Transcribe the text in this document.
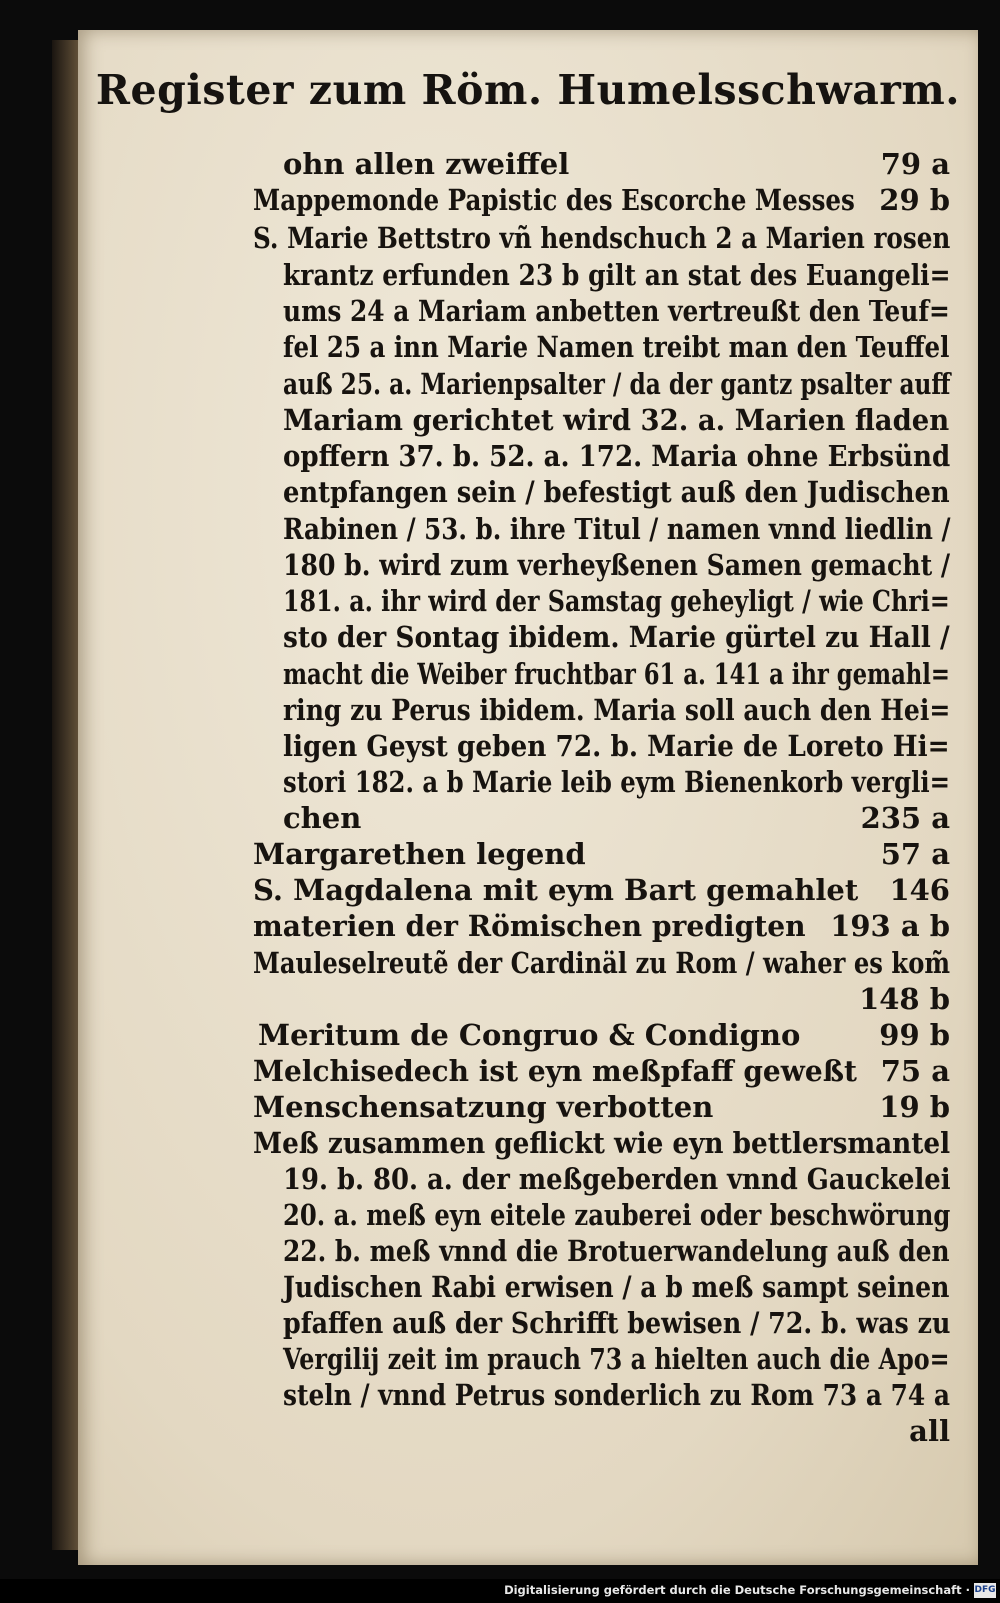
Register zum Röm. Humelsschwarm.
ohn allen zweiffel	79 a
Mappemonde Papistic des Escorche Messes 29 b
S. Marie Bettstro vñ hendschuch 2 a Marien rosen
krantz erfunden 23 b gilt an stat des Euangeli=
ums 24 a Mariam anbetten vertreußt den Teuf=
fel 25 a inn Marie Namen treibt man den Teuffel
auß 25. a. Marienpsalter / da der gantz psalter auff
Mariam gerichtet wird 32. a. Marien fladen
opffern 37. b. 52. a. 172. Maria ohne Erbsünd
entpfangen sein / befestigt auß den Judischen
Rabinen / 53. b. ihre Titul / namen vnnd liedlin /
180 b. wird zum verheyßenen Samen gemacht /
181. a. ihr wird der Samstag geheyligt / wie Chri=
sto der Sontag ibidem. Marie gürtel zu Hall /
macht die Weiber fruchtbar 61 a. 141 a ihr gemahl=
ring zu Perus ibidem. Maria soll auch den Hei=
ligen Geyst geben 72. b. Marie de Loreto Hi=
stori 182. a b Marie leib eym Bienenkorb vergli=
chen	235 a
Margarethen legend	57 a
S. Magdalena mit eym Bart gemahlet 146
materien der Römischen predigten 193 a b
Mauleselreutẽ der Cardinäl zu Rom / waher es kom̃
148 b
Meritum de Congruo & Condigno	99 b
Melchisedech ist eyn meßpfaff geweßt 75 a
Menschensatzung verbotten	19 b
Meß zusammen geflickt wie eyn bettlersmantel
19. b. 80. a. der meßgeberden vnnd Gauckelei
20. a. meß eyn eitele zauberei oder beschwörung
22. b. meß vnnd die Brotuerwandelung auß den
Judischen Rabi erwisen / a b meß sampt seinen
pfaffen auß der Schrifft bewisen / 72. b. was zu
Vergilij zeit im prauch 73 a hielten auch die Apo=
steln / vnnd Petrus sonderlich zu Rom 73 a 74 a
all
Digitalisierung gefördert durch die Deutsche Forschungsgemeinschaft · DFG
